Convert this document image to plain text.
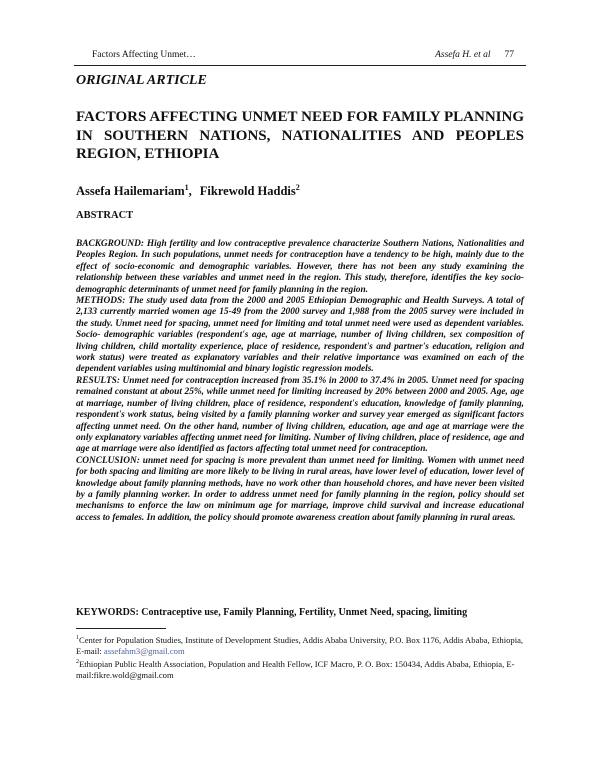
Factors Affecting Unmet…	Assefa H. et al 77
ORIGINAL ARTICLE
FACTORS AFFECTING UNMET NEED FOR FAMILY PLANNING IN SOUTHERN NATIONS, NATIONALITIES AND PEOPLES REGION, ETHIOPIA
Assefa Hailemariam$^1$, Fikrewold Haddis$^2$
ABSTRACT

BACKGROUND: High fertility and low contraceptive prevalence characterize Southern Nations, Nationalities and Peoples Region. In such populations, unmet needs for contraception have a tendency to be high, mainly due to the effect of socio-economic and demographic variables. However, there has not been any study examining the relationship between these variables and unmet need in the region. This study, therefore, identifies the key socio- demographic determinants of unmet need for family planning in the region.

METHODS: The study used data from the 2000 and 2005 Ethiopian Demographic and Health Surveys. A total of 2,133 currently married women age 15-49 from the 2000 survey and 1,988 from the 2005 survey were included in the study. Unmet need for spacing, unmet need for limiting and total unmet need were used as dependent variables. Socio- demographic variables (respondent's age, age at marriage, number of living children, sex composition of living children, child mortality experience, place of residence, respondent's and partner's education, religion and work status) were treated as explanatory variables and their relative importance was examined on each of the dependent variables using multinomial and binary logistic regression models.

RESULTS: Unmet need for contraception increased from 35.1% in 2000 to 37.4% in 2005. Unmet need for spacing remained constant at about 25%, while unmet need for limiting increased by 20% between 2000 and 2005. Age, age at marriage, number of living children, place of residence, respondent's education, knowledge of family planning, respondent's work status, being visited by a family planning worker and survey year emerged as significant factors affecting unmet need. On the other hand, number of living children, education, age and age at marriage were the only explanatory variables affecting unmet need for limiting. Number of living children, place of residence, age and age at marriage were also identified as factors affecting total unmet need for contraception.

CONCLUSION: unmet need for spacing is more prevalent than unmet need for limiting. Women with unmet need for both spacing and limiting are more likely to be living in rural areas, have lower level of education, lower level of knowledge about family planning methods, have no work other than household chores, and have never been visited by a family planning worker. In order to address unmet need for family planning in the region, policy should set mechanisms to enforce the law on minimum age for marriage, improve child survival and increase educational access to females. In addition, the policy should promote awareness creation about family planning in rural areas.

KEYWORDS: Contraceptive use, Family Planning, Fertility, Unmet Need, spacing, limiting

$^1$Center for Population Studies, Institute of Development Studies, Addis Ababa University, P.O. Box 1176, Addis Ababa, Ethiopia, E-mail: assefahm3@gmail.com

$^2$Ethiopian Public Health Association, Population and Health Fellow, ICF Macro, P. O. Box: 150434, Addis Ababa, Ethiopia, E-mail:fikre.wold@gmail.com
